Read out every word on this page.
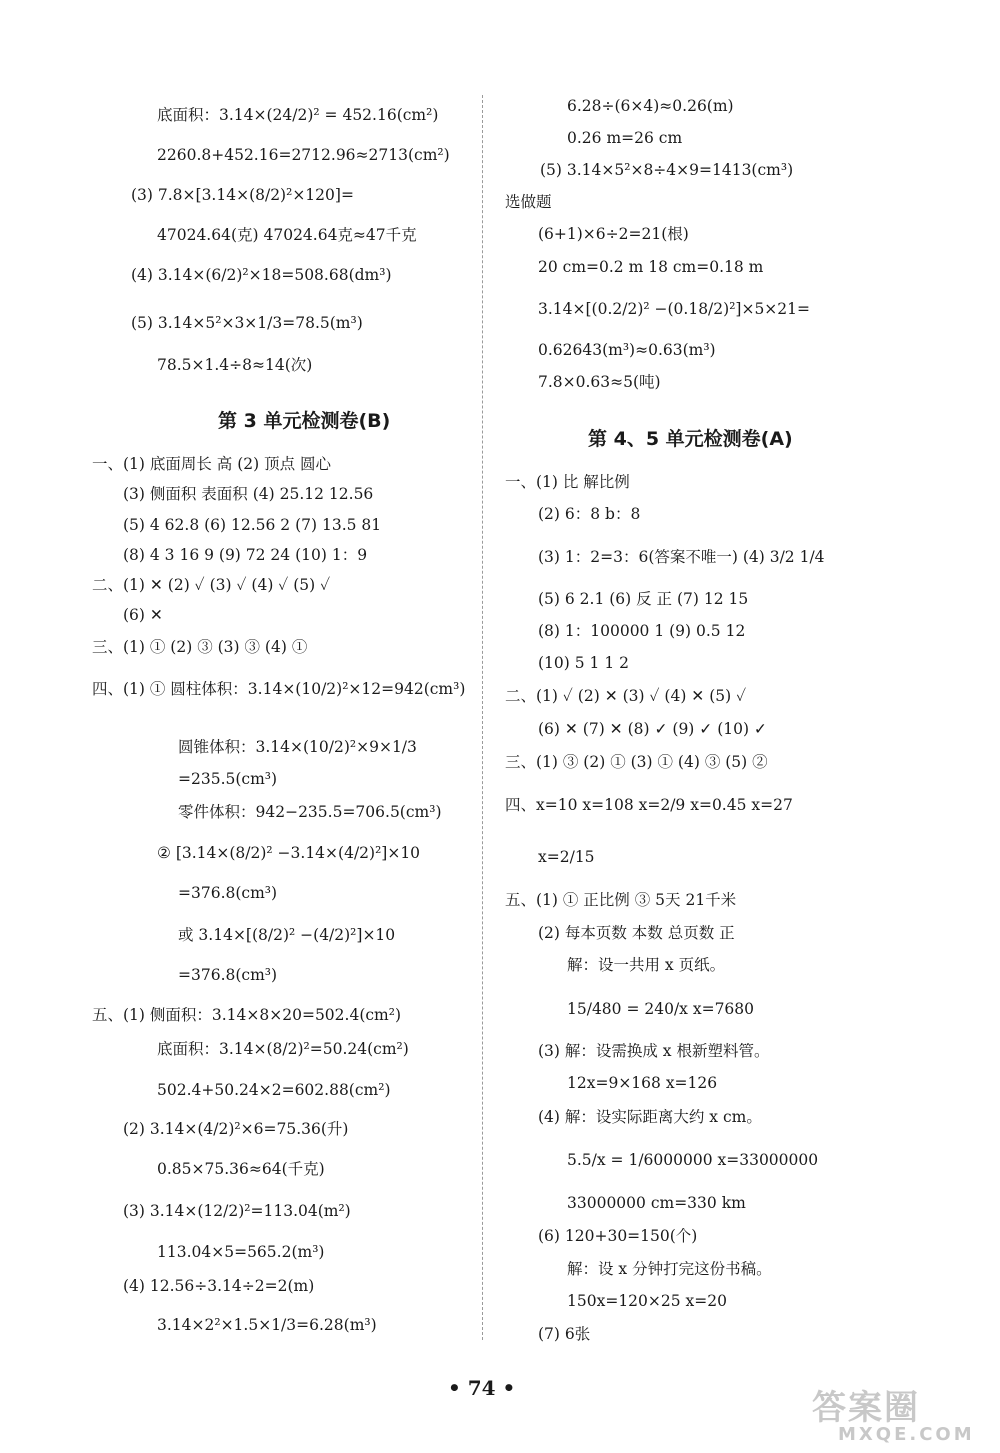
底面积：3.14×(24/2)² = 452.16(cm²)
2260.8+452.16=2712.96≈2713(cm²)
(3) 7.8×[3.14×(8/2)²×120]=
47024.64(克) 47024.64克≈47千克
(4) 3.14×(6/2)²×18=508.68(dm³)
(5) 3.14×5²×3×1/3=78.5(m³)
78.5×1.4÷8≈14(次)
第 3 单元检测卷(B)
一、(1) 底面周长 高 (2) 顶点 圆心
(3) 侧面积 表面积 (4) 25.12 12.56
(5) 4 62.8 (6) 12.56 2 (7) 13.5 81
(8) 4 3 16 9 (9) 72 24 (10) 1：9
二、(1) ✕ (2) ✓ (3) ✓ (4) ✓ (5) ✓
(6) ✕
三、(1) ① (2) ③ (3) ③ (4) ①
四、(1) ① 圆柱体积：3.14×(10/2)²×12=942(cm³)
圆锥体积：3.14×(10/2)²×9×1/3
=235.5(cm³)
零件体积：942−235.5=706.5(cm³)
② [3.14×(8/2)² −3.14×(4/2)²]×10
=376.8(cm³)
或 3.14×[(8/2)² −(4/2)²]×10
=376.8(cm³)
五、(1) 侧面积：3.14×8×20=502.4(cm²)
底面积：3.14×(8/2)²=50.24(cm²)
502.4+50.24×2=602.88(cm²)
(2) 3.14×(4/2)²×6=75.36(升)
0.85×75.36≈64(千克)
(3) 3.14×(12/2)²=113.04(m²)
113.04×5=565.2(m³)
(4) 12.56÷3.14÷2=2(m)
3.14×2²×1.5×1/3=6.28(m³)
6.28÷(6×4)≈0.26(m)
0.26 m=26 cm
(5) 3.14×5²×8÷4×9=1413(cm³)
选做题
(6+1)×6÷2=21(根)
20 cm=0.2 m 18 cm=0.18 m
3.14×[(0.2/2)² −(0.18/2)²]×5×21=
0.62643(m³)≈0.63(m³)
7.8×0.63≈5(吨)
第 4、5 单元检测卷(A)
一、(1) 比 解比例
(2) 6：8 b：8
(3) 1：2=3：6(答案不唯一) (4) 3/2 1/4
(5) 6 2.1 (6) 反 正 (7) 12 15
(8) 1：100000 1 (9) 0.5 12
(10) 5 1 1 2
二、(1) ✓ (2) ✕ (3) ✓ (4) ✕ (5) ✓
(6) ✕ (7) ✕ (8) ✓ (9) ✓ (10) ✓
三、(1) ③ (2) ① (3) ① (4) ③ (5) ②
四、x=10 x=108 x=2/9 x=0.45 x=27
x=2/15
五、(1) ① 正比例 ③ 5天 21千米
(2) 每本页数 本数 总页数 正
解：设一共用 x 页纸。
15/480 = 240/x x=7680
(3) 解：设需换成 x 根新塑料管。
12x=9×168 x=126
(4) 解：设实际距离大约 x cm。
5.5/x = 1/6000000 x=33000000
33000000 cm=330 km
(6) 120+30=150(个)
解：设 x 分钟打完这份书稿。
150x=120×25 x=20
(7) 6张
• 74 •	答案圈
MXQE.COM
